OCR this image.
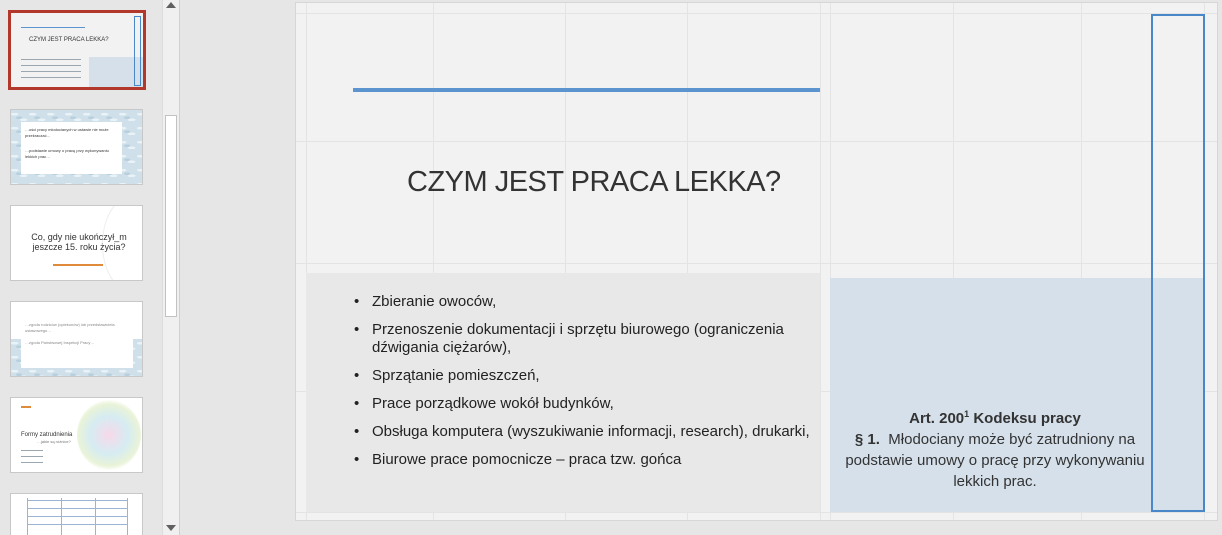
CZYM JEST PRACA LEKKA?
…ości pracy młodocianych w ustawie nie może przekraczać…
…podstawie umowy o pracę przy wykonywaniu lekkich prac…
Co, gdy nie ukończył_m jeszcze 15. roku życia?
…zgoda rodziców (opiekunów) lub przedstawiciela ustawowego…
…zgoda Państwowej Inspekcji Pracy…
Formy zatrudnienia
…jakie są różnice?
CZYM JEST PRACA LEKKA?
• Zbieranie owoców,
• Przenoszenie dokumentacji i sprzętu biurowego (ograniczenia dźwigania ciężarów),
• Sprzątanie pomieszczeń,
• Prace porządkowe wokół budynków,
• Obsługa komputera (wyszukiwanie informacji, research), drukarki,
• Biurowe prace pomocnicze – praca tzw. gońca
Art. $200^1$ Kodeksu pracy
§ 1. Młodociany może być zatrudniony na podstawie umowy o pracę przy wykonywaniu lekkich prac.
